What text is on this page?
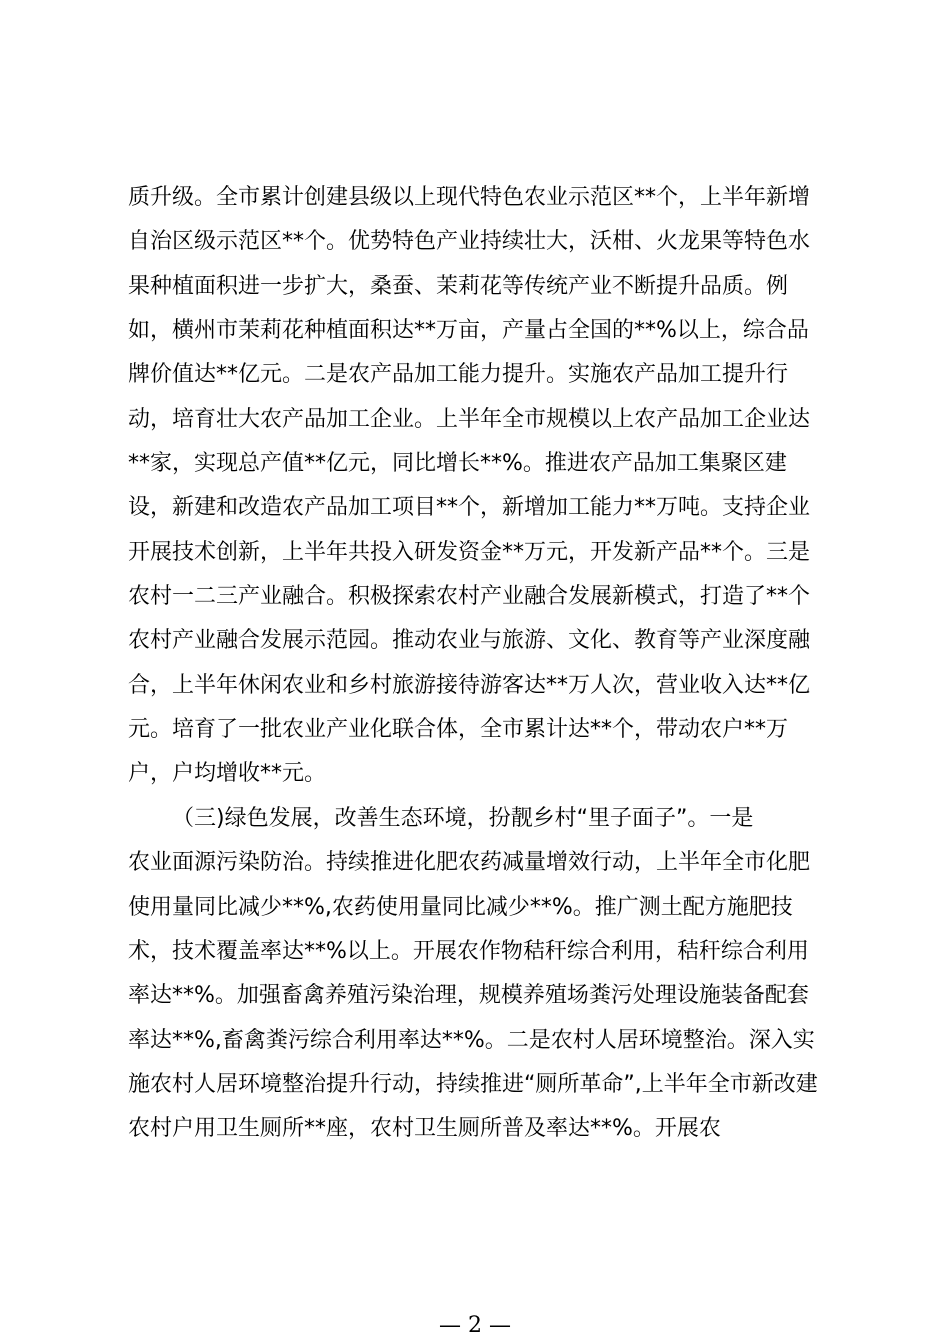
质升级。全市累计创建县级以上现代特色农业示范区**个，上半年新增
自治区级示范区**个。优势特色产业持续壮大，沃柑、火龙果等特色水
果种植面积进一步扩大，桑蚕、茉莉花等传统产业不断提升品质。例
如，横州市茉莉花种植面积达**万亩，产量占全国的**%以上，综合品
牌价值达**亿元。二是农产品加工能力提升。实施农产品加工提升行
动，培育壮大农产品加工企业。上半年全市规模以上农产品加工企业达
**家，实现总产值**亿元，同比增长**%。推进农产品加工集聚区建
设，新建和改造农产品加工项目**个，新增加工能力**万吨。支持企业
开展技术创新，上半年共投入研发资金**万元，开发新产品**个。三是
农村一二三产业融合。积极探索农村产业融合发展新模式，打造了**个
农村产业融合发展示范园。推动农业与旅游、文化、教育等产业深度融
合，上半年休闲农业和乡村旅游接待游客达**万人次，营业收入达**亿
元。培育了一批农业产业化联合体，全市累计达**个，带动农户**万
户，户均增收**元。
（三)绿色发展，改善生态环境，扮靓乡村“里子面子”。一是
农业面源污染防治。持续推进化肥农药减量增效行动，上半年全市化肥
使用量同比减少**%,农药使用量同比减少**%。推广测土配方施肥技
术，技术覆盖率达**%以上。开展农作物秸秆综合利用，秸秆综合利用
率达**%。加强畜禽养殖污染治理，规模养殖场粪污处理设施装备配套
率达**%,畜禽粪污综合利用率达**%。二是农村人居环境整治。深入实
施农村人居环境整治提升行动，持续推进“厕所革命”,上半年全市新改建
农村户用卫生厕所**座，农村卫生厕所普及率达**%。开展农
— 2 —
